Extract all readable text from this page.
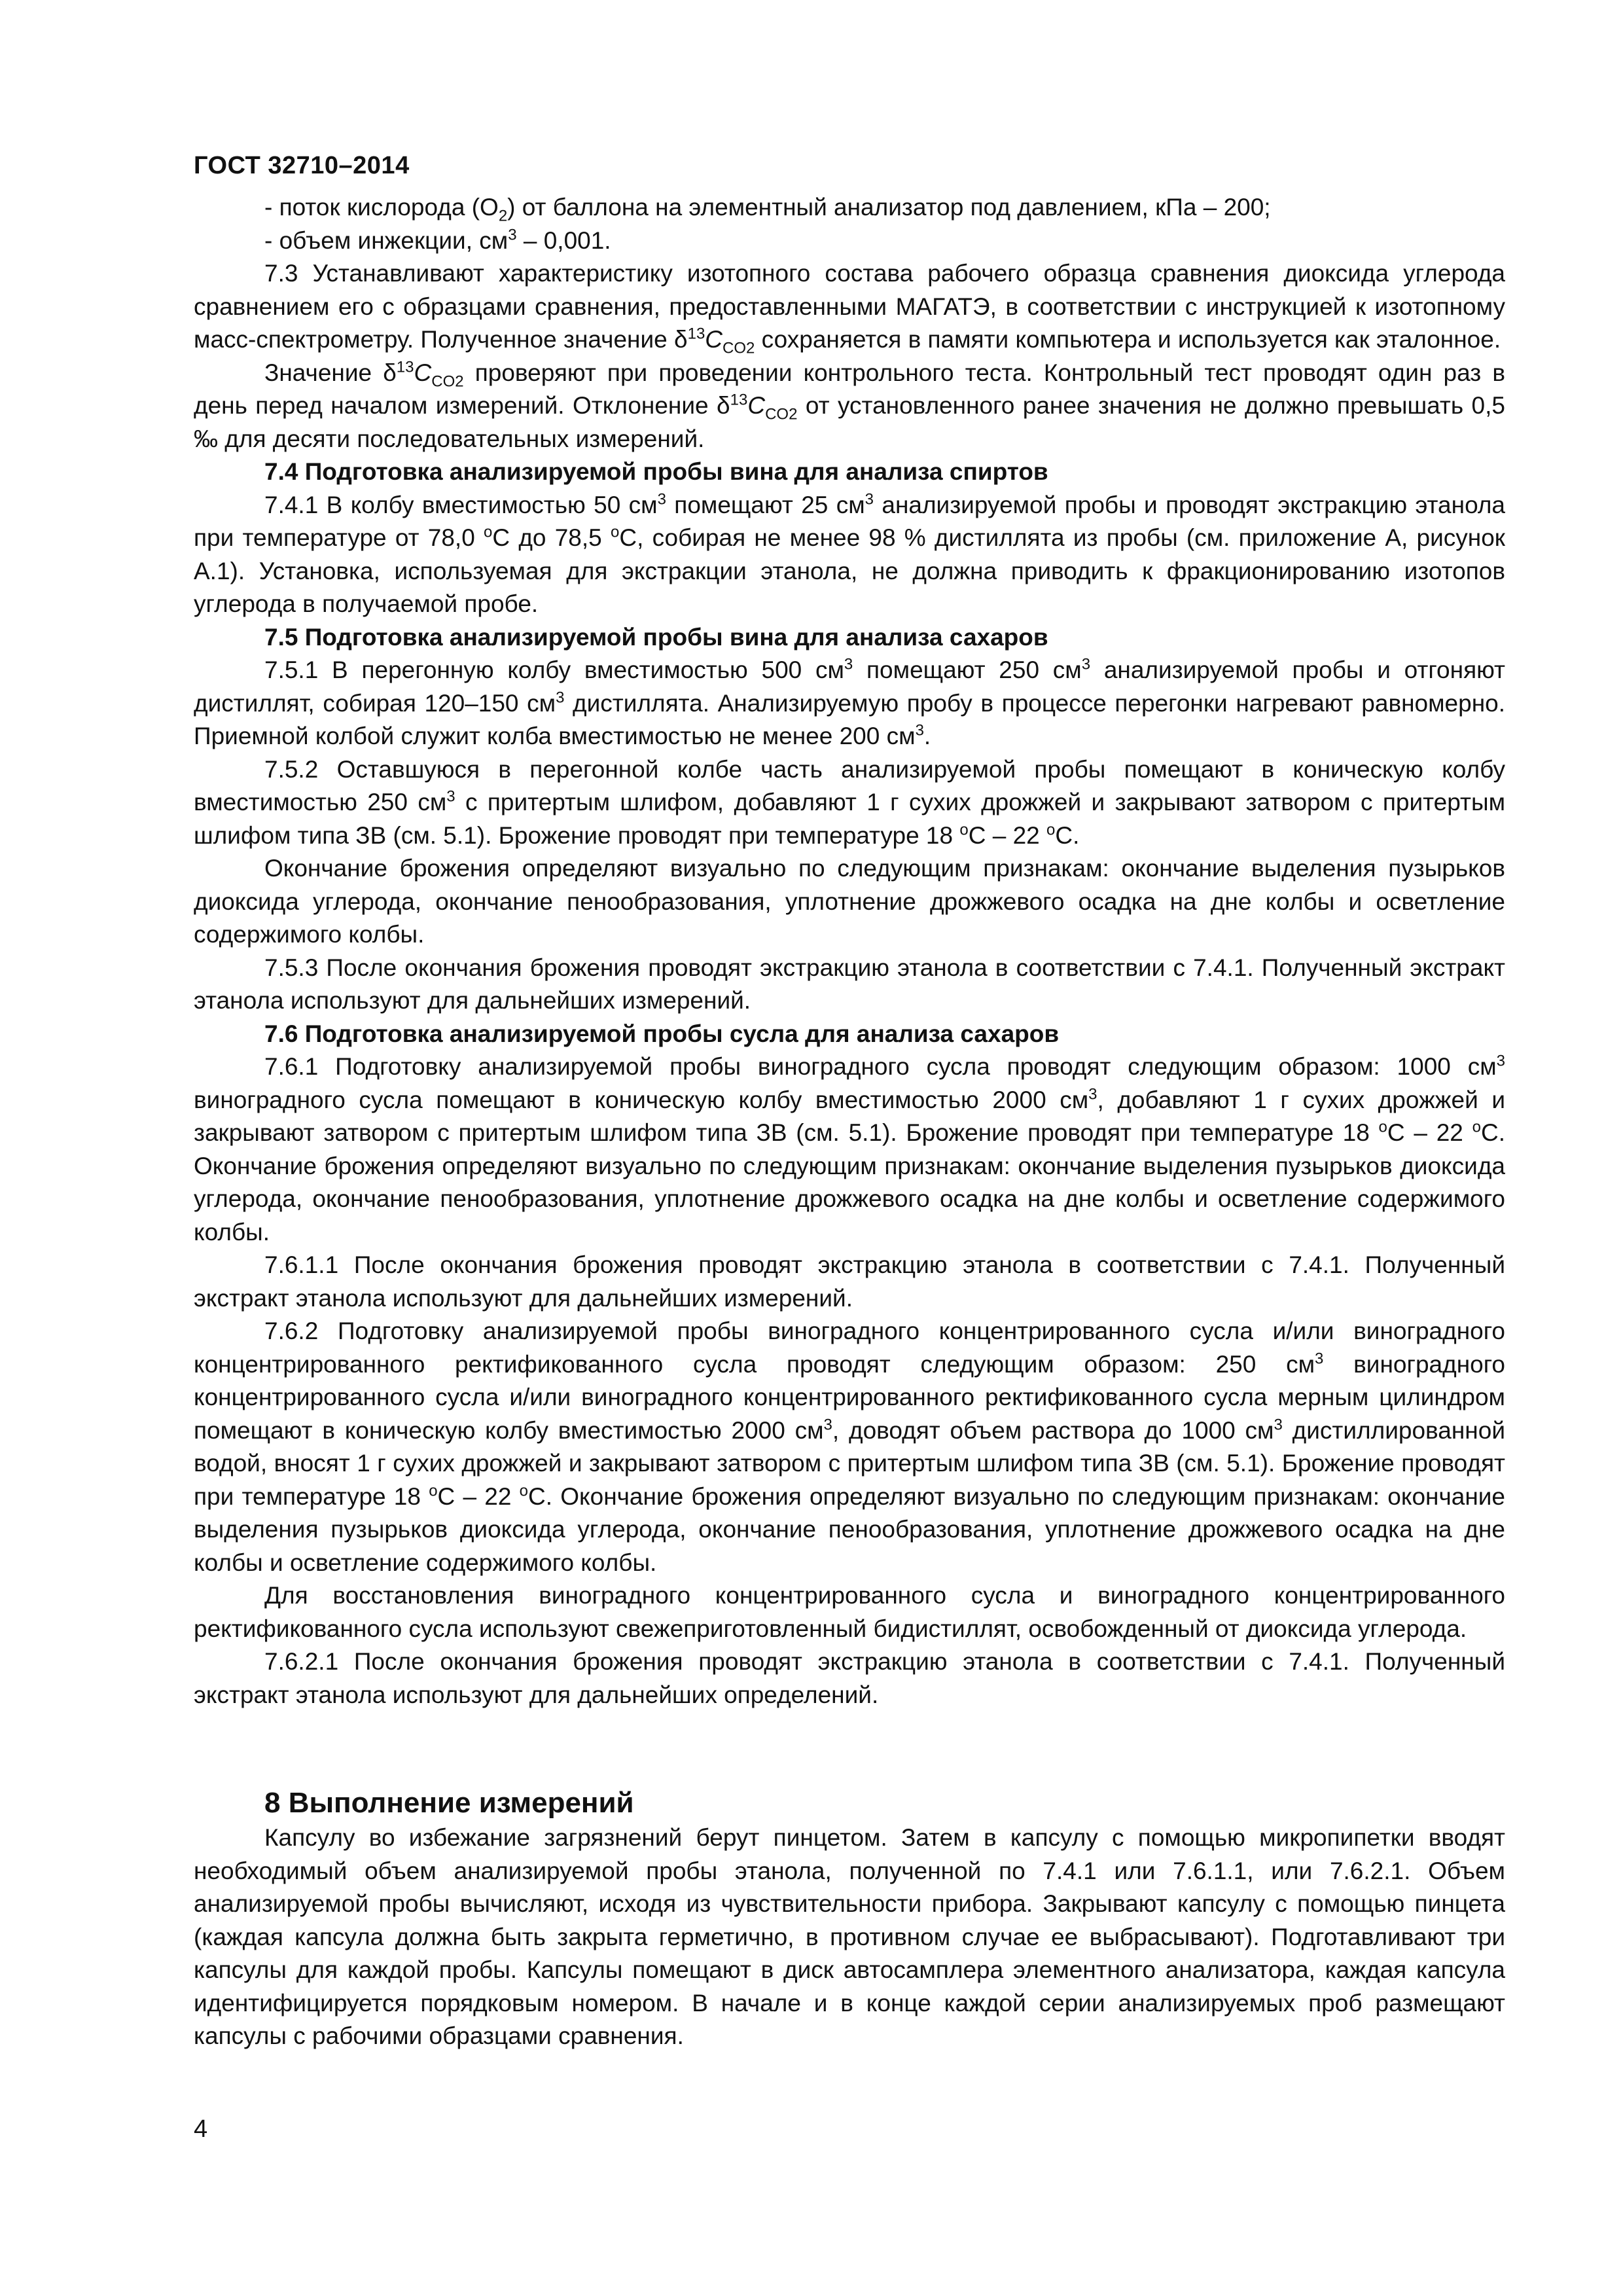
ГОСТ 32710–2014

- поток кислорода $(O_2)$ от баллона на элементный анализатор под давлением, кПа – 200;

- объем инжекции, $см^3 - 0,001$.

7.3 Устанавливают характеристику изотопного состава рабочего образца сравнения диоксида углерода сравнением его с образцами сравнения, предоставленными МАГАТЭ, в соответствии с инструкцией к изотопному масс-спектрометру. Полученное значение $\delta^{13}C_{CO2}$ сохраняется в памяти компьютера и используется как эталонное.

Значение $\delta^{13}C_{CO2}$ проверяют при проведении контрольного теста. Контрольный тест проводят один раз в день перед началом измерений. Отклонение $\delta^{13}C_{CO2}$ от установленного ранее значения не должно превышать 0,5 ‰ для десяти последовательных измерений.

7.4 Подготовка анализируемой пробы вина для анализа спиртов

7.4.1 В колбу вместимостью 50 $см^3$ помещают 25 $см^3$ анализируемой пробы и проводят экстракцию этанола при температуре от 78,0 $^o$С до 78,5 $^o$С, собирая не менее 98 % дистиллята из пробы (см. приложение А, рисунок А.1). Установка, используемая для экстракции этанола, не должна приводить к фракционированию изотопов углерода в получаемой пробе.

7.5 Подготовка анализируемой пробы вина для анализа сахаров

7.5.1 В перегонную колбу вместимостью 500 $см^3$ помещают 250 $см^3$ анализируемой пробы и отгоняют дистиллят, собирая 120–150 $см^3$ дистиллята. Анализируемую пробу в процессе перегонки нагревают равномерно. Приемной колбой служит колба вместимостью не менее 200 $см^3$.

7.5.2 Оставшуюся в перегонной колбе часть анализируемой пробы помещают в коническую колбу вместимостью 250 $см^3$ с притертым шлифом, добавляют 1 г сухих дрожжей и закрывают затвором с притертым шлифом типа ЗВ (см. 5.1). Брожение проводят при температуре 18 $^o$С – 22 $^o$С.

Окончание брожения определяют визуально по следующим признакам: окончание выделения пузырьков диоксида углерода, окончание пенообразования, уплотнение дрожжевого осадка на дне колбы и осветление содержимого колбы.

7.5.3 После окончания брожения проводят экстракцию этанола в соответствии с 7.4.1. Полученный экстракт этанола используют для дальнейших измерений.

7.6 Подготовка анализируемой пробы сусла для анализа сахаров

7.6.1 Подготовку анализируемой пробы виноградного сусла проводят следующим образом: 1000 $см^3$ виноградного сусла помещают в коническую колбу вместимостью 2000 $см^3$, добавляют 1 г сухих дрожжей и закрывают затвором с притертым шлифом типа ЗВ (см. 5.1). Брожение проводят при температуре 18 $^o$С – 22 $^o$С. Окончание брожения определяют визуально по следующим признакам: окончание выделения пузырьков диоксида углерода, окончание пенообразования, уплотнение дрожжевого осадка на дне колбы и осветление содержимого колбы.

7.6.1.1 После окончания брожения проводят экстракцию этанола в соответствии с 7.4.1. Полученный экстракт этанола используют для дальнейших измерений.

7.6.2 Подготовку анализируемой пробы виноградного концентрированного сусла и/или виноградного концентрированного ректификованного сусла проводят следующим образом: 250 $см^3$ виноградного концентрированного сусла и/или виноградного концентрированного ректификованного сусла мерным цилиндром помещают в коническую колбу вместимостью 2000 $см^3$, доводят объем раствора до 1000 $см^3$ дистиллированной водой, вносят 1 г сухих дрожжей и закрывают затвором с притертым шлифом типа ЗВ (см. 5.1). Брожение проводят при температуре 18 $^o$С – 22 $^o$С. Окончание брожения определяют визуально по следующим признакам: окончание выделения пузырьков диоксида углерода, окончание пенообразования, уплотнение дрожжевого осадка на дне колбы и осветление содержимого колбы.

Для восстановления виноградного концентрированного сусла и виноградного концентрированного ректификованного сусла используют свежеприготовленный бидистиллят, освобожденный от диоксида углерода.

7.6.2.1 После окончания брожения проводят экстракцию этанола в соответствии с 7.4.1. Полученный экстракт этанола используют для дальнейших определений.

8 Выполнение измерений

Капсулу во избежание загрязнений берут пинцетом. Затем в капсулу с помощью микропипетки вводят необходимый объем анализируемой пробы этанола, полученной по 7.4.1 или 7.6.1.1, или 7.6.2.1. Объем анализируемой пробы вычисляют, исходя из чувствительности прибора. Закрывают капсулу с помощью пинцета (каждая капсула должна быть закрыта герметично, в противном случае ее выбрасывают). Подготавливают три капсулы для каждой пробы. Капсулы помещают в диск автосамплера элементного анализатора, каждая капсула идентифицируется порядковым номером. В начале и в конце каждой серии анализируемых проб размещают капсулы с рабочими образцами сравнения.

4
